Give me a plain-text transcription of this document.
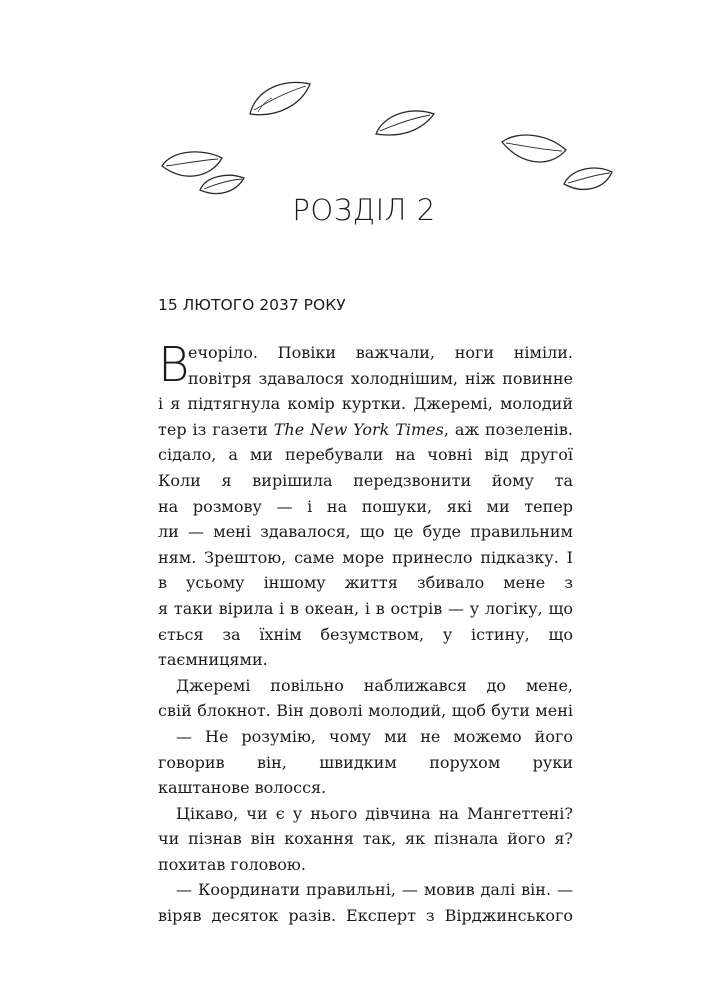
РОЗДІЛ 2

15 ЛЮТОГО 2037 РОКУ

В
ечоріло. Повіки важчали, ноги німіли.
повітря здавалося холоднішим, ніж повинне
і я підтягнула комір куртки. Джеремі, молодий
тер із газети The New York Times, аж позеленів.
сідало, а ми перебували на човні від другої
Коли я вирішила передзвонити йому та
на розмову — і на пошуки, які ми тепер
ли — мені здавалося, що це буде правильним
ням. Зрештою, саме море принесло підказку. І
в усьому іншому життя збивало мене з
я таки вірила і в океан, і в острів — у логіку, що
ється за їхнім безумством, у істину, що
таємницями.
Джеремі повільно наближався до мене,
свій блокнот. Він доволі молодий, щоб бути мені
— Не розумію, чому ми не можемо його
говорив він, швидким порухом руки
каштанове волосся.
Цікаво, чи є у нього дівчина на Мангеттені?
чи пізнав він кохання так, як пізнала його я?
похитав головою.
— Координати правильні, — мовив далі він. —
віряв десяток разів. Експерт з Вірджинського
